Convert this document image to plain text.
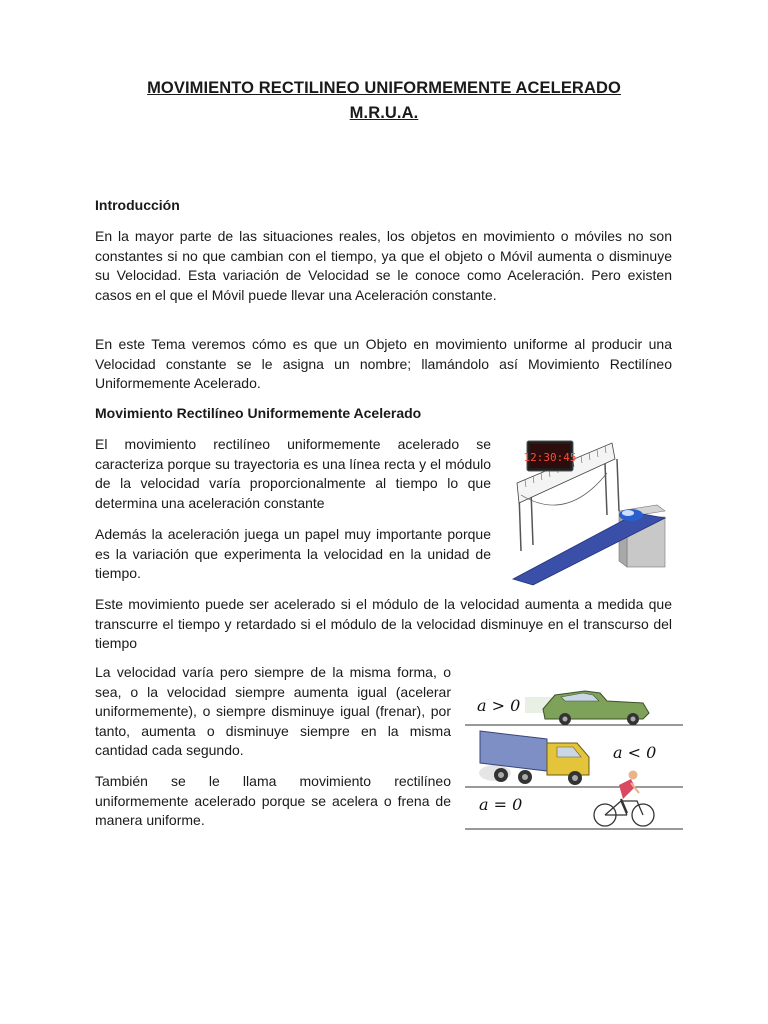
MOVIMIENTO RECTILINEO UNIFORMEMENTE ACELERADO
M.R.U.A.
Introducción

En la mayor parte de las situaciones reales, los objetos en movimiento o móviles no son constantes si no que cambian con el tiempo, ya que el objeto o Móvil aumenta o disminuye su Velocidad. Esta variación de Velocidad se le conoce como Aceleración. Pero existen casos en el que el Móvil puede llevar una Aceleración constante.

En este Tema veremos cómo es que un Objeto en movimiento uniforme al producir una Velocidad constante se le asigna un nombre; llamándolo así Movimiento Rectilíneo Uniformemente Acelerado.

Movimiento Rectilíneo Uniformemente Acelerado

El movimiento rectilíneo uniformemente acelerado se caracteriza porque su trayectoria es una línea recta y el módulo de la velocidad varía proporcionalmente al tiempo lo que determina una aceleración constante

Además la aceleración juega un papel muy importante porque es la variación que experimenta la velocidad en la unidad de tiempo.

Este movimiento puede ser acelerado si el módulo de la velocidad aumenta a medida que transcurre el tiempo y retardado si el módulo de la velocidad disminuye en el transcurso del tiempo

La velocidad varía pero siempre de la misma forma, o sea, o la velocidad siempre aumenta igual (acelerar uniformemente), o siempre disminuye igual (frenar), por tanto, aumenta o disminuye siempre en la misma cantidad cada segundo.

También se le llama movimiento rectilíneo uniformemente acelerado porque se acelera o frena de manera uniforme.

12:30:45
a > 0
a < 0
a = 0
